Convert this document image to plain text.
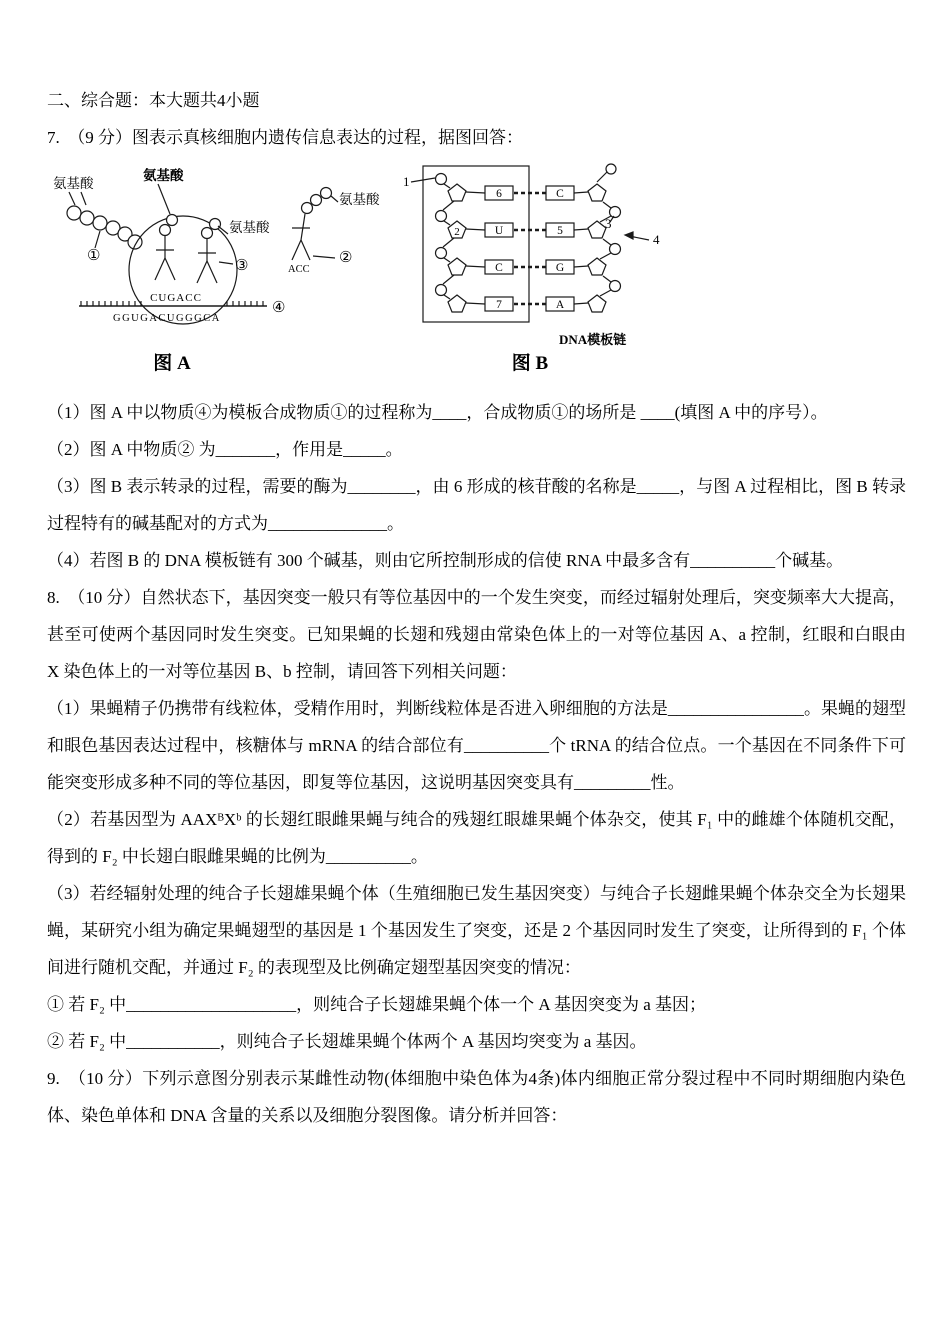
二、综合题：本大题共4小题

7.　（9 分）图表示真核细胞内遗传信息表达的过程，据图回答：

氨基酸
氨基酸
氨基酸
氨基酸
①	②
③
④
CUGACC
GGUGACUGGGCA
ACC
1
2
3
4
6
U
C
7
C
5
G
A
DNA模板链
图 A	图 B

（1）图 A 中以物质④为模板合成物质①的过程称为____，合成物质①的场所是 ____(填图 A 中的序号）。

（2）图 A 中物质② 为_______，作用是_____。

（3）图 B 表示转录的过程，需要的酶为________，由 6 形成的核苷酸的名称是_____，与图 A 过程相比，图 B 转录过程特有的碱基配对的方式为______________。

（4）若图 B 的 DNA 模板链有 300 个碱基，则由它所控制形成的信使 RNA 中最多含有__________个碱基。

8.　（10 分）自然状态下，基因突变一般只有等位基因中的一个发生突变，而经过辐射处理后，突变频率大大提高，甚至可使两个基因同时发生突变。已知果蝇的长翅和残翅由常染色体上的一对等位基因 A、a 控制，红眼和白眼由 X 染色体上的一对等位基因 B、b 控制，请回答下列相关问题：

（1）果蝇精子仍携带有线粒体，受精作用时，判断线粒体是否进入卵细胞的方法是________________。果蝇的翅型和眼色基因表达过程中，核糖体与 mRNA 的结合部位有__________个 tRNA 的结合位点。一个基因在不同条件下可能突变形成多种不同的等位基因，即复等位基因，这说明基因突变具有_________性。

（2）若基因型为 AAXᴮXᵇ 的长翅红眼雌果蝇与纯合的残翅红眼雄果蝇个体杂交，使其 F₁ 中的雌雄个体随机交配，得到的 F₂ 中长翅白眼雌果蝇的比例为__________。

（3）若经辐射处理的纯合子长翅雄果蝇个体（生殖细胞已发生基因突变）与纯合子长翅雌果蝇个体杂交全为长翅果蝇，某研究小组为确定果蝇翅型的基因是 1 个基因发生了突变，还是 2 个基因同时发生了突变，让所得到的 F₁ 个体间进行随机交配，并通过 F₂ 的表现型及比例确定翅型基因突变的情况：

① 若 F₂ 中____________________，则纯合子长翅雄果蝇个体一个 A 基因突变为 a 基因；

② 若 F₂ 中___________，则纯合子长翅雄果蝇个体两个 A 基因均突变为 a 基因。

9.　（10 分）下列示意图分别表示某雌性动物(体细胞中染色体为4条)体内细胞正常分裂过程中不同时期细胞内染色体、染色单体和 DNA 含量的关系以及细胞分裂图像。请分析并回答：
